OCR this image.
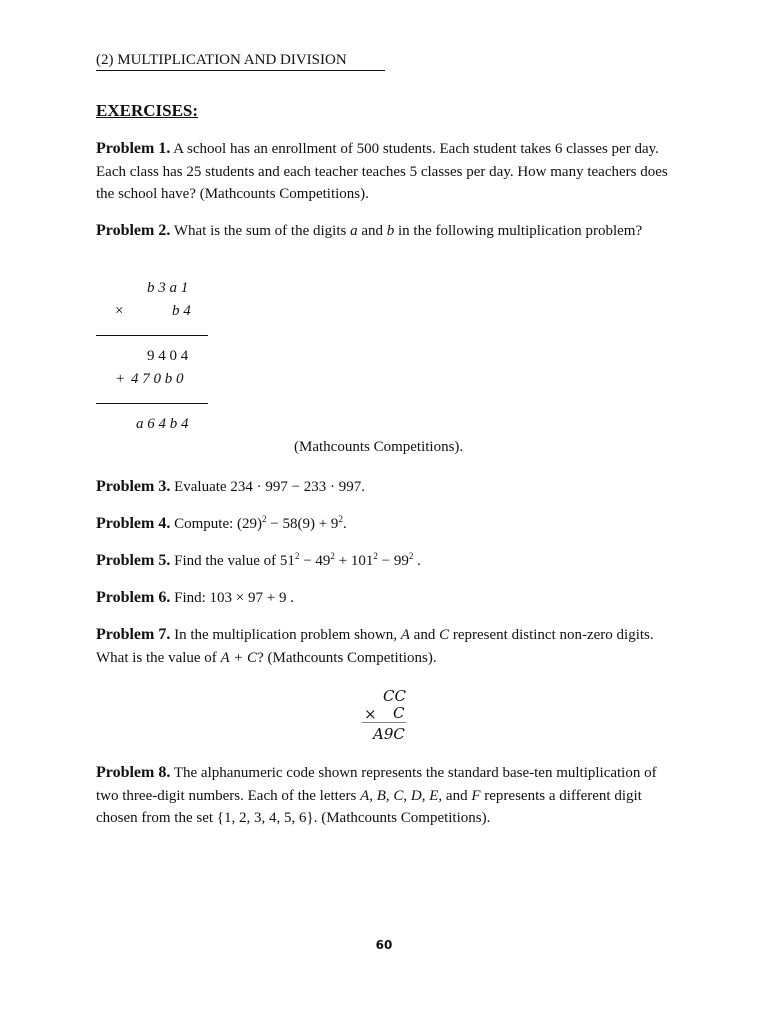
(2) MULTIPLICATION AND DIVISION
EXERCISES:
Problem 1. A school has an enrollment of 500 students. Each student takes 6 classes per day. Each class has 25 students and each teacher teaches 5 classes per day. How many teachers does the school have? (Mathcounts Competitions).
Problem 2. What is the sum of the digits a and b in the following multiplication problem?
b 3 a 1
×	b 4
9 4 0 4
+ 4 7 0 b 0
a 6 4 b 4
(Mathcounts Competitions).
Problem 3. Evaluate 234 · 997 − 233 · 997.
Problem 4. Compute: $(29)^2 - 58(9) + 9^2$.
Problem 5. Find the value of $51^2 - 49^2 + 101^2 - 99^2$ .
Problem 6. Find: 103 × 97 + 9 .
Problem 7. In the multiplication problem shown, A and C represent distinct non-zero digits. What is the value of A + C? (Mathcounts Competitions).
CC
× C
A9C
Problem 8. The alphanumeric code shown represents the standard base-ten multiplication of two three-digit numbers. Each of the letters A, B, C, D, E, and F represents a different digit chosen from the set {1, 2, 3, 4, 5, 6}. (Mathcounts Competitions).
60
